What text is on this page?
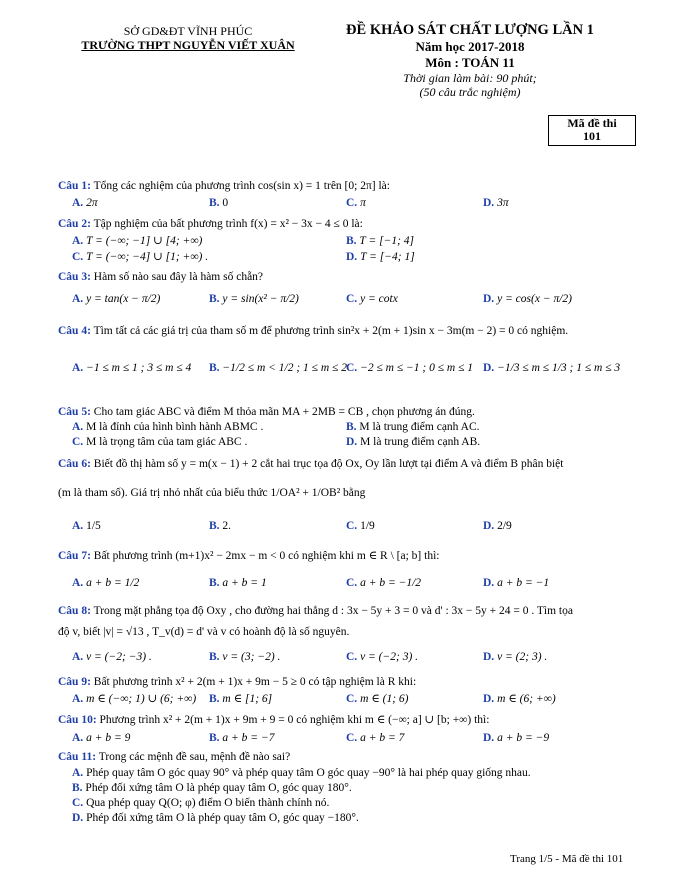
SỞ GD&ĐT VĨNH PHÚC
TRƯỜNG THPT NGUYỄN VIẾT XUÂN
ĐỀ KHẢO SÁT CHẤT LƯỢNG LẦN 1
Năm học 2017-2018
Môn : TOÁN 11
Thời gian làm bài: 90 phút;
(50 câu trắc nghiệm)
Mã đề thi
101
Câu 1: Tổng các nghiệm của phương trình cos(sin x) = 1 trên [0; 2π] là:
A. 2π	B. 0	C. π	D. 3π
Câu 2: Tập nghiệm của bất phương trình f(x) = x² − 3x − 4 ≤ 0 là:
A. T = (−∞; −1] ∪ [4; +∞)	B. T = [−1; 4]
C. T = (−∞; −4] ∪ [1; +∞) .	D. T = [−4; 1]
Câu 3: Hàm số nào sau đây là hàm số chẵn?
A. y = tan(x − π/2)	B. y = sin(x² − π/2)	C. y = cotx	D. y = cos(x − π/2)
Câu 4: Tìm tất cả các giá trị của tham số m để phương trình sin²x + 2(m + 1)sin x − 3m(m − 2) = 0 có nghiệm.
A. −1 ≤ m ≤ 1 ; 3 ≤ m ≤ 4 B. −1/2 ≤ m < 1/2 ; 1 ≤ m ≤ 2 C. −2 ≤ m ≤ −1 ; 0 ≤ m ≤ 1 D. −1/3 ≤ m ≤ 1/3 ; 1 ≤ m ≤ 3
Câu 5: Cho tam giác ABC và điểm M thỏa mãn MA + 2MB = CB , chọn phương án đúng.
A. M là đỉnh của hình bình hành ABMC .	B. M là trung điểm cạnh AC.
C. M là trọng tâm của tam giác ABC .	D. M là trung điểm cạnh AB.
Câu 6: Biết đồ thị hàm số y = m(x − 1) + 2 cắt hai trục tọa độ Ox, Oy lần lượt tại điểm A và điểm B phân biệt
(m là tham số). Giá trị nhỏ nhất của biểu thức 1/OA² + 1/OB² bằng
A. 1/5	B. 2.	C. 1/9	D. 2/9
Câu 7: Bất phương trình (m+1)x² − 2mx − m < 0 có nghiệm khi m ∈ R \ [a; b] thì:
A. a + b = 1/2	B. a + b = 1	C. a + b = −1/2	D. a + b = −1
Câu 8: Trong mặt phẳng tọa độ Oxy , cho đường hai thẳng d : 3x − 5y + 3 = 0 và d' : 3x − 5y + 24 = 0 . Tìm tọa
độ v, biết |v| = √13 , T_v(d) = d' và v có hoành độ là số nguyên.
A. v = (−2; −3) .	B. v = (3; −2) .	C. v = (−2; 3) .	D. v = (2; 3) .
Câu 9: Bất phương trình x² + 2(m + 1)x + 9m − 5 ≥ 0 có tập nghiệm là R khi:
A. m ∈ (−∞; 1) ∪ (6; +∞) B. m ∈ [1; 6]	C. m ∈ (1; 6)	D. m ∈ (6; +∞)
Câu 10: Phương trình x² + 2(m + 1)x + 9m + 9 = 0 có nghiệm khi m ∈ (−∞; a] ∪ [b; +∞) thì:
A. a + b = 9	B. a + b = −7	C. a + b = 7	D. a + b = −9
Câu 11: Trong các mệnh đề sau, mệnh đề nào sai?
A. Phép quay tâm O góc quay 90° và phép quay tâm O góc quay −90° là hai phép quay giống nhau.
B. Phép đối xứng tâm O là phép quay tâm O, góc quay 180°.
C. Qua phép quay Q(O; φ) điểm O biến thành chính nó.
D. Phép đối xứng tâm O là phép quay tâm O, góc quay −180°.
Trang 1/5 - Mã đề thi 101
